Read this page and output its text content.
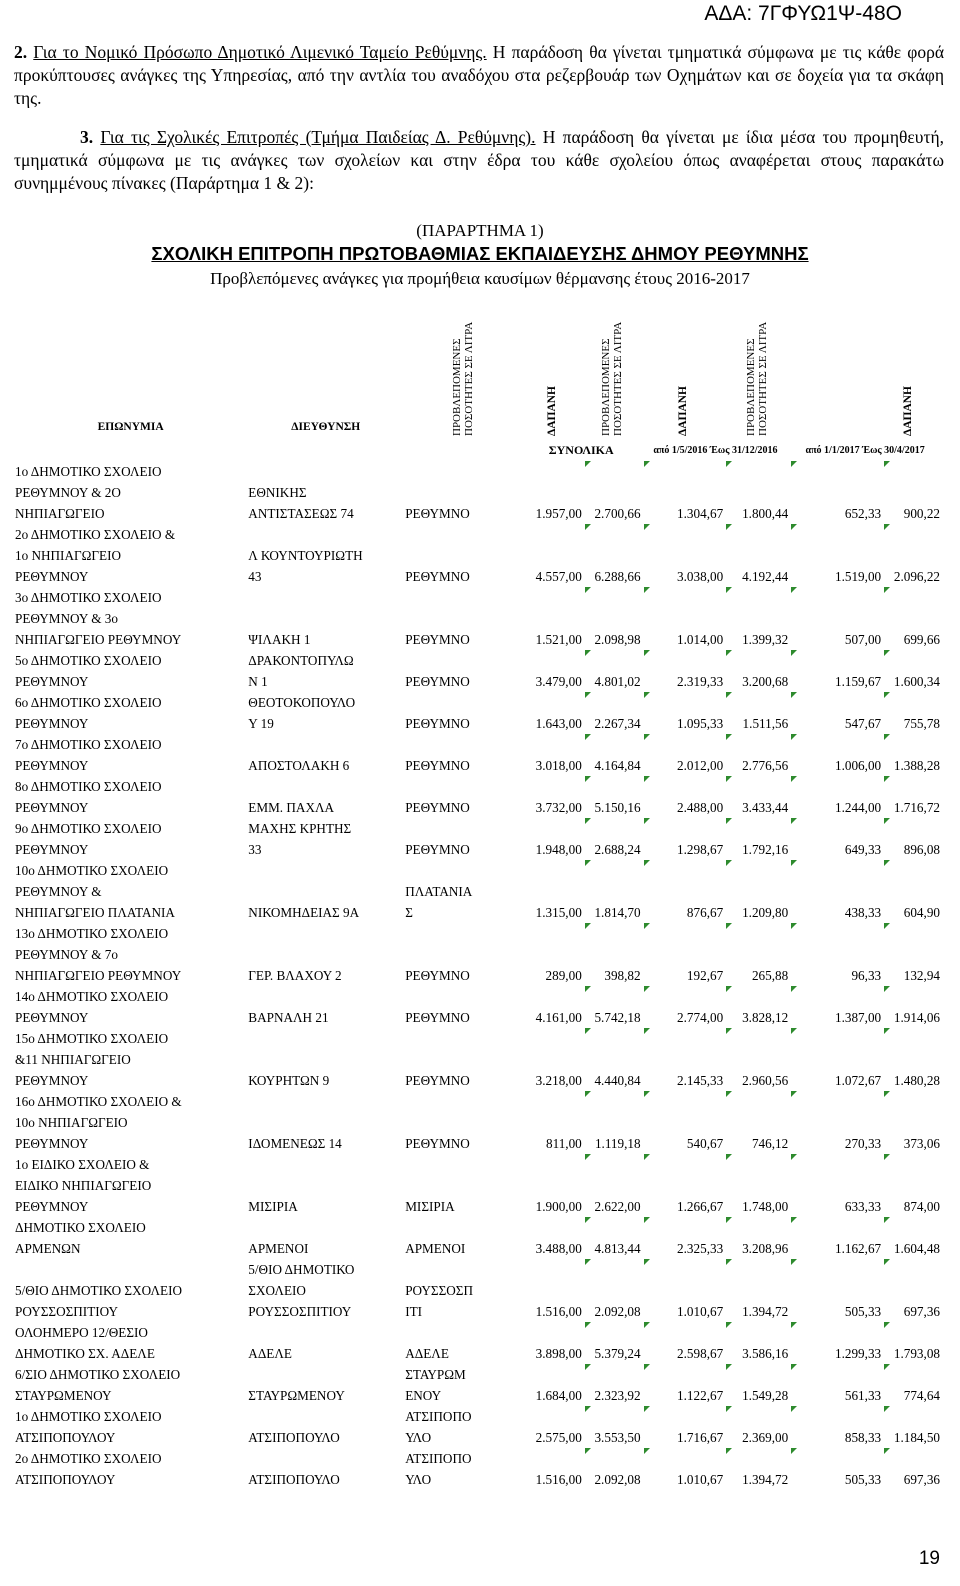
ΑΔΑ: 7ΓΦΥΩ1Ψ-48Ο
2. Για το Νομικό Πρόσωπο Δημοτικό Λιμενικό Ταμείο Ρεθύμνης. Η παράδοση θα γίνεται τμηματικά σύμφωνα με τις κάθε φορά προκύπτουσες ανάγκες της Υπηρεσίας, από την αντλία του αναδόχου στα ρεζερβουάρ των Οχημάτων και σε δοχεία για τα σκάφη της.
3. Για τις Σχολικές Επιτροπές (Τμήμα Παιδείας Δ. Ρεθύμνης). Η παράδοση θα γίνεται με ίδια μέσα του προμηθευτή, τμηματικά σύμφωνα με τις ανάγκες των σχολείων και στην έδρα του κάθε σχολείου όπως αναφέρεται στους παρακάτω συνημμένους πίνακες (Παράρτημα 1 & 2):
(ΠΑΡΑΡΤΗΜΑ 1)
ΣΧΟΛΙΚΗ ΕΠΙΤΡΟΠΗ ΠΡΩΤΟΒΑΘΜΙΑΣ ΕΚΠΑΙΔΕΥΣΗΣ ΔΗΜΟΥ ΡΕΘΥΜΝΗΣ
Προβλεπόμενες ανάγκες για προμήθεια καυσίμων θέρμανσης έτους 2016-2017
ΕΠΩΝΥΜΙΑ	ΔΙΕΥΘΥΝΣΗ	ΠΡΟΒΛΕΠΟΜΕΝΕΣ ΠΟΣΟΤΗΤΕΣ ΣΕ ΛΙΤΡΑ	ΔΑΠΑΝΗ	ΠΡΟΒΛΕΠΟΜΕΝΕΣ ΠΟΣΟΤΗΤΕΣ ΣΕ ΛΙΤΡΑ	ΔΑΠΑΝΗ	ΠΡΟΒΛΕΠΟΜΕΝΕΣ ΠΟΣΟΤΗΤΕΣ ΣΕ ΛΙΤΡΑ	ΔΑΠΑΝΗ	

			ΣΥΝΟΛΙΚΑ		από 1/5/2016 Έως 31/12/2016		από 1/1/2017 Έως 30/4/2017	
1ο ΔΗΜΟΤΙΚΟ ΣΧΟΛΕΙΟ
ΡΕΘΥΜΝΟΥ & 2Ο
ΝΗΠΙΑΓΩΓΕΙΟ	ΕΘΝΙΚΗΣ
ΑΝΤΙΣΤΑΣΕΩΣ 74	ΡΕΘΥΜΝΟ	1.957,00	2.700,66	1.304,67	1.800,44	652,33	900,22

2ο ΔΗΜΟΤΙΚΟ ΣΧΟΛΕΙΟ &
1ο ΝΗΠΙΑΓΩΓΕΙΟ
ΡΕΘΥΜΝΟΥ	Λ ΚΟΥΝΤΟΥΡΙΩΤΗ
43	ΡΕΘΥΜΝΟ	4.557,00	6.288,66	3.038,00	4.192,44	1.519,00	2.096,22

3ο ΔΗΜΟΤΙΚΟ ΣΧΟΛΕΙΟ
ΡΕΘΥΜΝΟΥ & 3ο
ΝΗΠΙΑΓΩΓΕΙΟ ΡΕΘΥΜΝΟΥ	ΨΙΛΑΚΗ 1	ΡΕΘΥΜΝΟ	1.521,00	2.098,98	1.014,00	1.399,32	507,00	699,66

5ο ΔΗΜΟΤΙΚΟ ΣΧΟΛΕΙΟ
ΡΕΘΥΜΝΟΥ	ΔΡΑΚΟΝΤΟΠΥΛΩ
Ν 1	ΡΕΘΥΜΝΟ	3.479,00	4.801,02	2.319,33	3.200,68	1.159,67	1.600,34

6ο ΔΗΜΟΤΙΚΟ ΣΧΟΛΕΙΟ
ΡΕΘΥΜΝΟΥ	ΘΕΟΤΟΚΟΠΟΥΛΟ
Υ 19	ΡΕΘΥΜΝΟ	1.643,00	2.267,34	1.095,33	1.511,56	547,67	755,78

7ο ΔΗΜΟΤΙΚΟ ΣΧΟΛΕΙΟ
ΡΕΘΥΜΝΟΥ	ΑΠΟΣΤΟΛΑΚΗ 6	ΡΕΘΥΜΝΟ	3.018,00	4.164,84	2.012,00	2.776,56	1.006,00	1.388,28

8ο ΔΗΜΟΤΙΚΟ ΣΧΟΛΕΙΟ
ΡΕΘΥΜΝΟΥ	ΕΜΜ. ΠΑΧΛΑ	ΡΕΘΥΜΝΟ	3.732,00	5.150,16	2.488,00	3.433,44	1.244,00	1.716,72

9ο ΔΗΜΟΤΙΚΟ ΣΧΟΛΕΙΟ
ΡΕΘΥΜΝΟΥ	ΜΑΧΗΣ ΚΡΗΤΗΣ
33	ΡΕΘΥΜΝΟ	1.948,00	2.688,24	1.298,67	1.792,16	649,33	896,08

10ο ΔΗΜΟΤΙΚΟ ΣΧΟΛΕΙΟ
ΡΕΘΥΜΝΟΥ &
ΝΗΠΙΑΓΩΓΕΙΟ ΠΛΑΤΑΝΙΑ	ΝΙΚΟΜΗΔΕΙΑΣ 9Α	ΠΛΑΤΑΝΙΑ
Σ	1.315,00	1.814,70	876,67	1.209,80	438,33	604,90

13ο ΔΗΜΟΤΙΚΟ ΣΧΟΛΕΙΟ
ΡΕΘΥΜΝΟΥ & 7ο
ΝΗΠΙΑΓΩΓΕΙΟ ΡΕΘΥΜΝΟΥ	ΓΕΡ. ΒΛΑΧΟΥ 2	ΡΕΘΥΜΝΟ	289,00	398,82	192,67	265,88	96,33	132,94

14ο ΔΗΜΟΤΙΚΟ ΣΧΟΛΕΙΟ
ΡΕΘΥΜΝΟΥ	ΒΑΡΝΑΛΗ 21	ΡΕΘΥΜΝΟ	4.161,00	5.742,18	2.774,00	3.828,12	1.387,00	1.914,06

15ο ΔΗΜΟΤΙΚΟ ΣΧΟΛΕΙΟ
&11 ΝΗΠΙΑΓΩΓΕΙΟ
ΡΕΘΥΜΝΟΥ	ΚΟΥΡΗΤΩΝ 9	ΡΕΘΥΜΝΟ	3.218,00	4.440,84	2.145,33	2.960,56	1.072,67	1.480,28

16ο ΔΗΜΟΤΙΚΟ ΣΧΟΛΕΙΟ &
10ο ΝΗΠΙΑΓΩΓΕΙΟ
ΡΕΘΥΜΝΟΥ	ΙΔΟΜΕΝΕΩΣ 14	ΡΕΘΥΜΝΟ	811,00	1.119,18	540,67	746,12	270,33	373,06

1ο ΕΙΔΙΚΟ ΣΧΟΛΕΙΟ &
ΕΙΔΙΚΟ ΝΗΠΙΑΓΩΓΕΙΟ
ΡΕΘΥΜΝΟΥ	ΜΙΣΙΡΙΑ	ΜΙΣΙΡΙΑ	1.900,00	2.622,00	1.266,67	1.748,00	633,33	874,00

ΔΗΜΟΤΙΚΟ ΣΧΟΛΕΙΟ
ΑΡΜΕΝΩΝ	ΑΡΜΕΝΟΙ	ΑΡΜΕΝΟΙ	3.488,00	4.813,44	2.325,33	3.208,96	1.162,67	1.604,48

5/ΘΙΟ ΔΗΜΟΤΙΚΟ ΣΧΟΛΕΙΟ
ΡΟΥΣΣΟΣΠΙΤΙΟΥ	5/ΘΙΟ ΔΗΜΟΤΙΚΟ
ΣΧΟΛΕΙΟ
ΡΟΥΣΣΟΣΠΙΤΙΟΥ	ΡΟΥΣΣΟΣΠ
ΙΤΙ	1.516,00	2.092,08	1.010,67	1.394,72	505,33	697,36

ΟΛΟΗΜΕΡΟ 12/ΘΕΣΙΟ
ΔΗΜΟΤΙΚΟ ΣΧ. ΑΔΕΛΕ	ΑΔΕΛΕ	ΑΔΕΛΕ	3.898,00	5.379,24	2.598,67	3.586,16	1.299,33	1.793,08

6/ΣΙΟ ΔΗΜΟΤΙΚΟ ΣΧΟΛΕΙΟ
ΣΤΑΥΡΩΜΕΝΟΥ	ΣΤΑΥΡΩΜΕΝΟΥ	ΣΤΑΥΡΩΜ
ΕΝΟΥ	1.684,00	2.323,92	1.122,67	1.549,28	561,33	774,64

1ο ΔΗΜΟΤΙΚΟ ΣΧΟΛΕΙΟ
ΑΤΣΙΠΟΠΟΥΛΟΥ	ΑΤΣΙΠΟΠΟΥΛΟ	ΑΤΣΙΠΟΠΟ
ΥΛΟ	2.575,00	3.553,50	1.716,67	2.369,00	858,33	1.184,50

2ο ΔΗΜΟΤΙΚΟ ΣΧΟΛΕΙΟ
ΑΤΣΙΠΟΠΟΥΛΟΥ	ΑΤΣΙΠΟΠΟΥΛΟ	ΑΤΣΙΠΟΠΟ
ΥΛΟ	1.516,00	2.092,08	1.010,67	1.394,72	505,33	697,36
19
